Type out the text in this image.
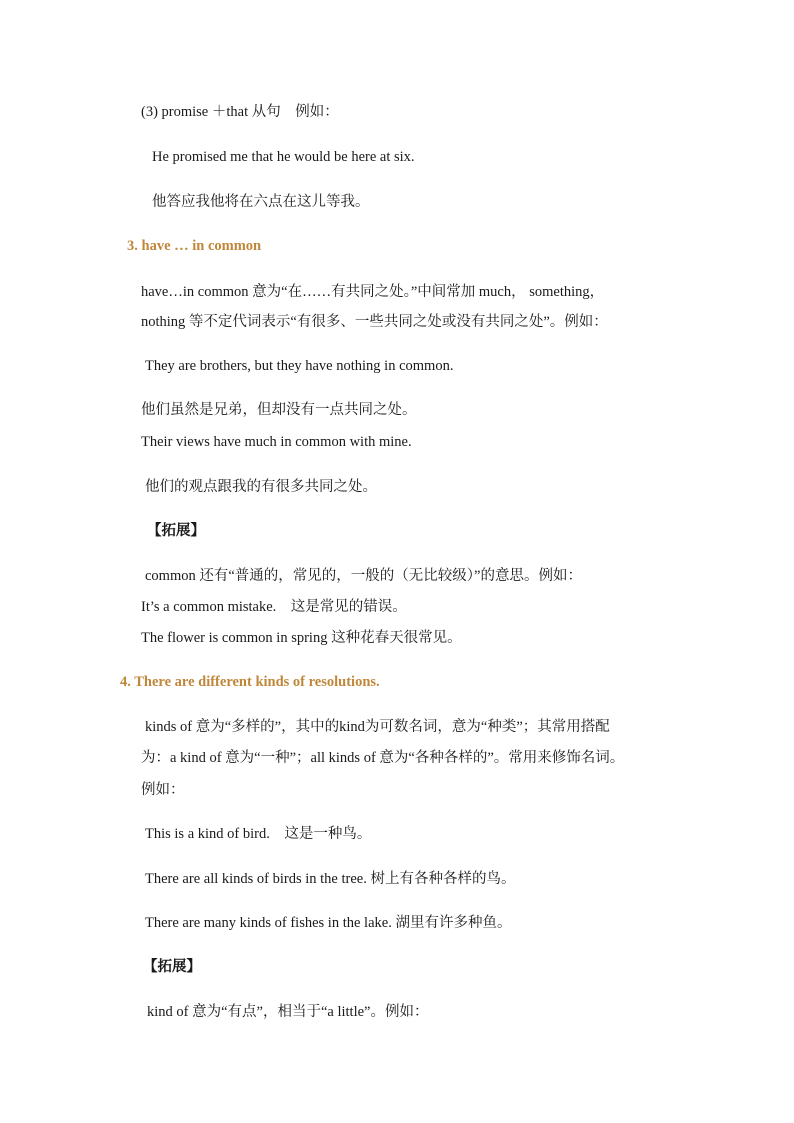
(3) promise ＋that 从句　例如：
He promised me that he would be here at six.
他答应我他将在六点在这儿等我。
3. have … in common
have…in common 意为“在……有共同之处。”中间常加 much， something，
nothing 等不定代词表示“有很多、一些共同之处或没有共同之处”。例如：
They are brothers, but they have nothing in common.
他们虽然是兄弟，但却没有一点共同之处。
Their views have much in common with mine.
他们的观点跟我的有很多共同之处。
【拓展】
common 还有“普通的，常见的，一般的（无比较级）”的意思。例如：
It’s a common mistake.　这是常见的错误。
The flower is common in spring 这种花春天很常见。
4. There are different kinds of resolutions.
kinds of 意为“多样的”，其中的kind为可数名词，意为“种类”；其常用搭配
为：a kind of 意为“一种”；all kinds of 意为“各种各样的”。常用来修饰名词。
例如：
This is a kind of bird.　这是一种鸟。
There are all kinds of birds in the tree. 树上有各种各样的鸟。
There are many kinds of fishes in the lake. 湖里有许多种鱼。
【拓展】
kind of 意为“有点”，相当于“a little”。例如：
